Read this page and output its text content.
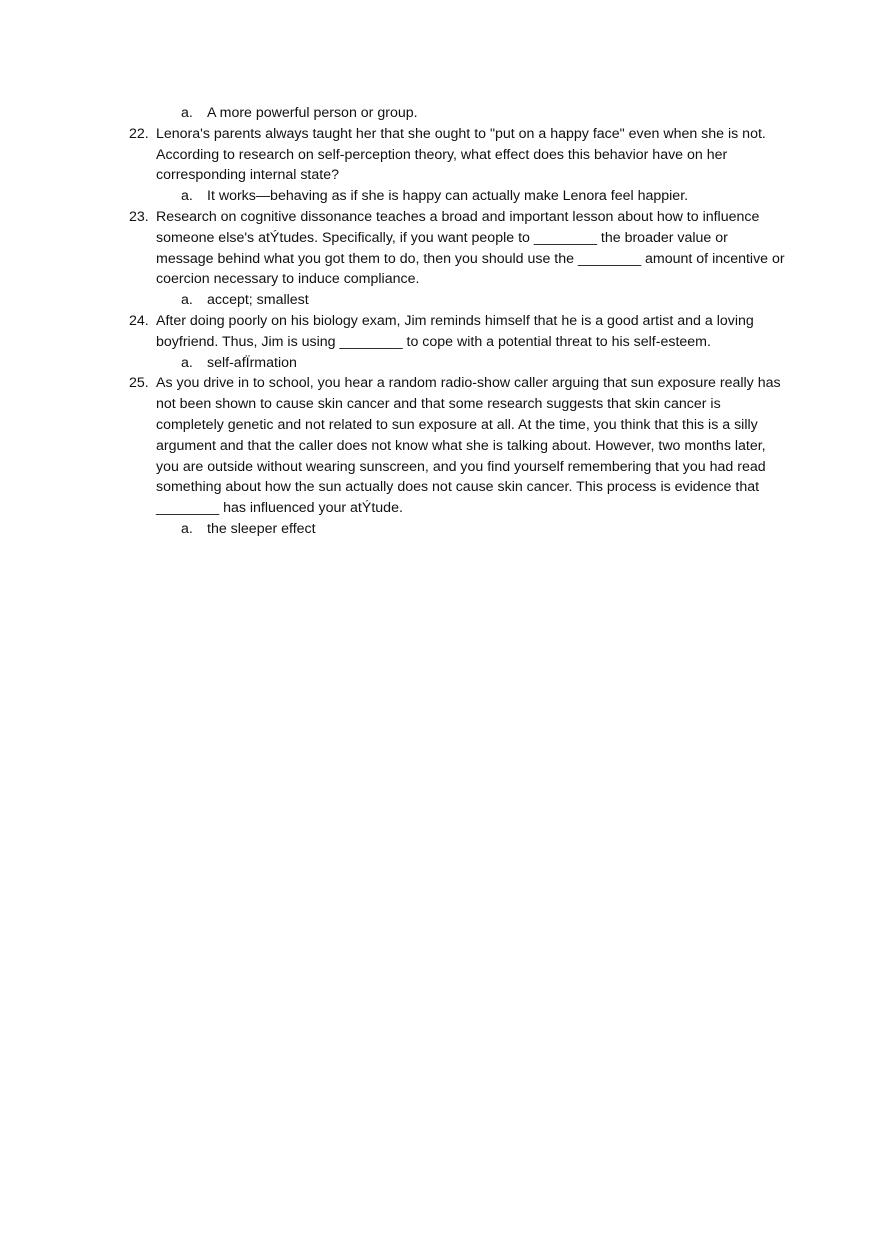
a. A more powerful person or group.
22. Lenora's parents always taught her that she ought to "put on a happy face" even when she is not. According to research on self-perception theory, what effect does this behavior have on her corresponding internal state?
a. It works—behaving as if she is happy can actually make Lenora feel happier.
23. Research on cognitive dissonance teaches a broad and important lesson about how to influence someone else's atÝtudes. Specifically, if you want people to ________ the broader value or message behind what you got them to do, then you should use the ________ amount of incentive or coercion necessary to induce compliance.
a. accept; smallest
24. After doing poorly on his biology exam, Jim reminds himself that he is a good artist and a loving boyfriend. Thus, Jim is using ________ to cope with a potential threat to his self-esteem.
a. self-afÏrmation
25. As you drive in to school, you hear a random radio-show caller arguing that sun exposure really has not been shown to cause skin cancer and that some research suggests that skin cancer is completely genetic and not related to sun exposure at all. At the time, you think that this is a silly argument and that the caller does not know what she is talking about. However, two months later, you are outside without wearing sunscreen, and you find yourself remembering that you had read something about how the sun actually does not cause skin cancer. This process is evidence that ________ has influenced your atÝtude.
a. the sleeper effect
